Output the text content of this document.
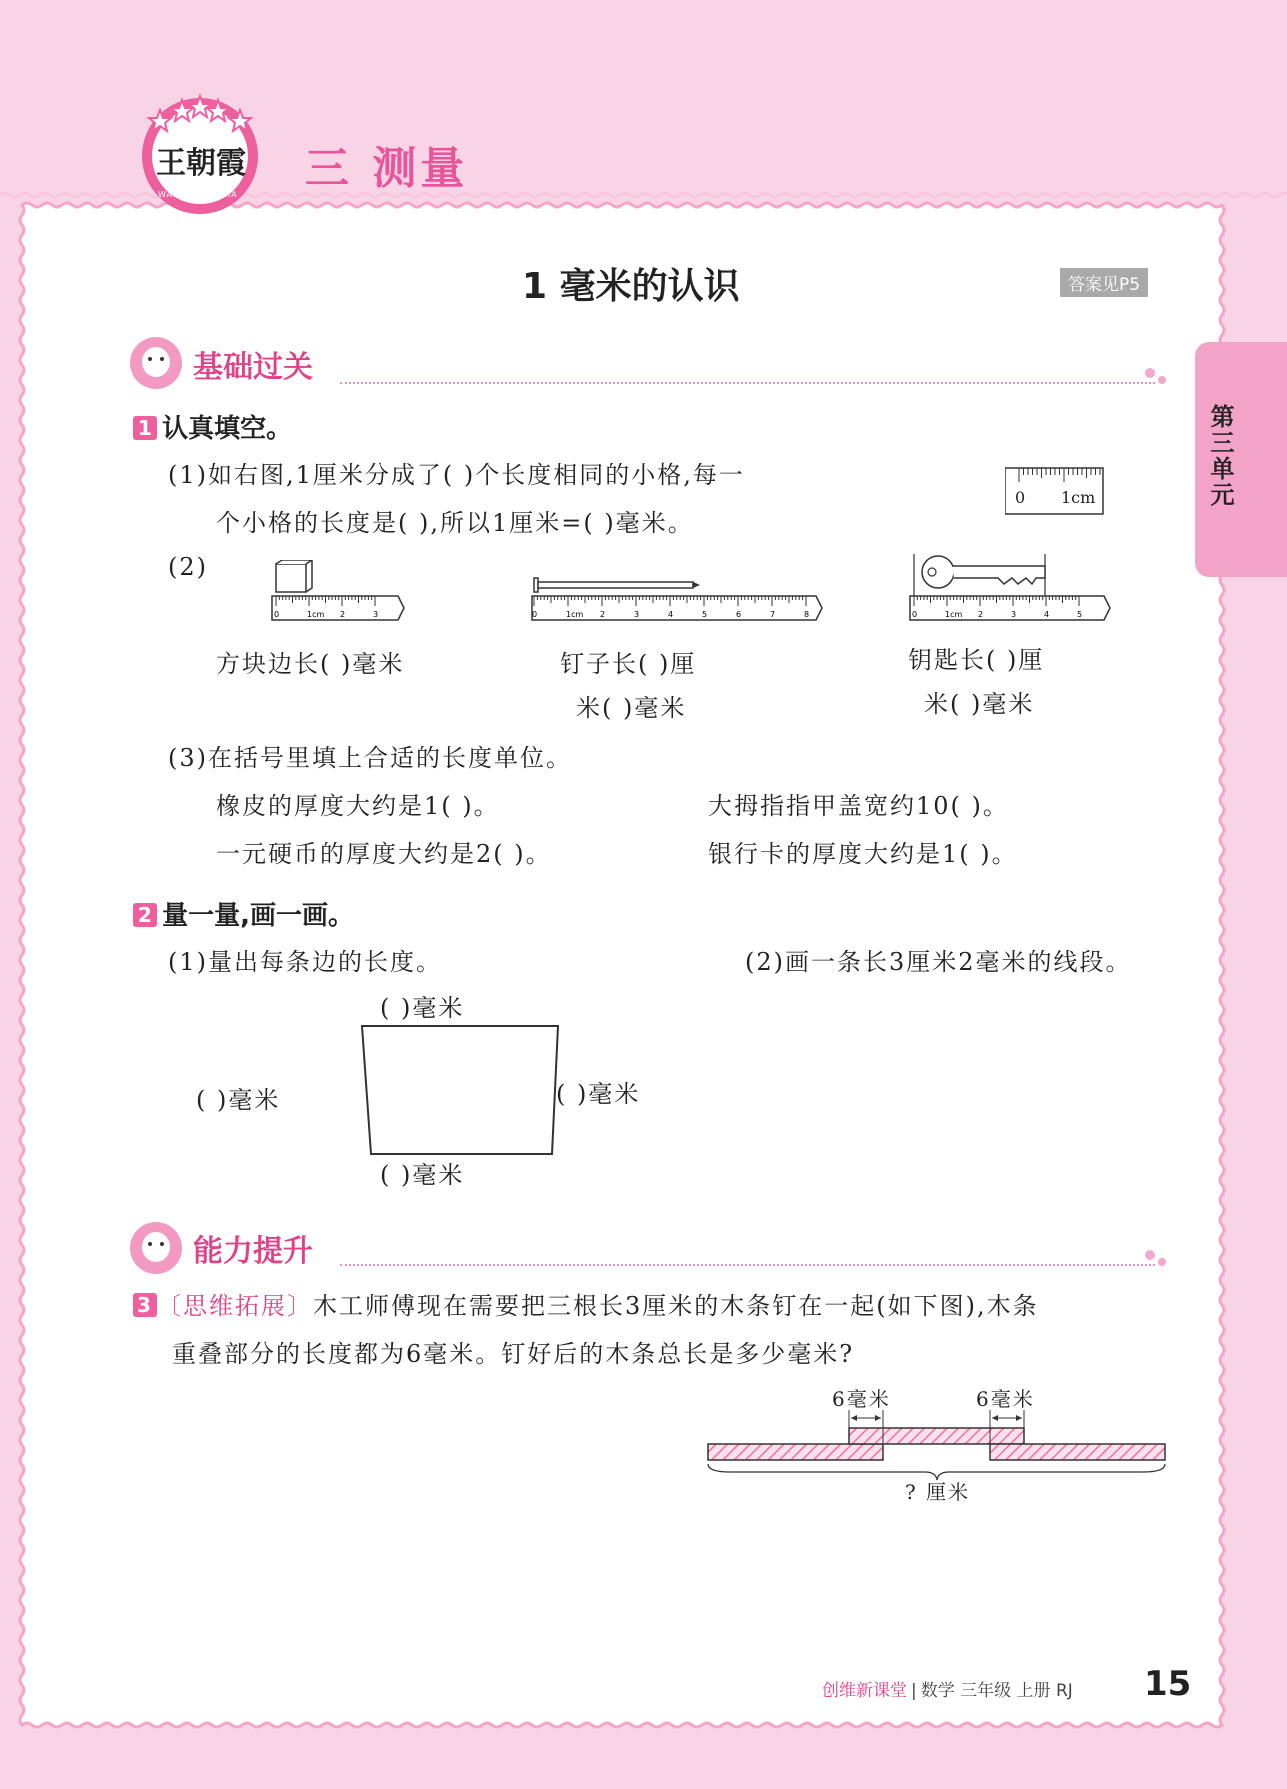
王朝霞
WANG ZHAO XIA
三 测量
1 毫米的认识	答案见P5
第三单元
基础过关
1 认真填空。
(1)如右图,1厘米分成了( )个长度相同的小格,每一
个小格的长度是( ),所以1厘米=( )毫米。
0 1cm
(2)
0	1cm 2	3	0	1cm 2	3	4	5	6	7	8	0	1cm 2	3	4	5
方块边长( )毫米	钉子长( )厘
米( )毫米
钥匙长( )厘
米( )毫米
(3)在括号里填上合适的长度单位。
橡皮的厚度大约是1( )。	大拇指指甲盖宽约10( )。
一元硬币的厚度大约是2( )。	银行卡的厚度大约是1( )。
2 量一量,画一画。
(1)量出每条边的长度。	(2)画一条长3厘米2毫米的线段。
( )毫米
( )毫米	( )毫米
( )毫米
能力提升
3 〔思维拓展〕木工师傅现在需要把三根长3厘米的木条钉在一起(如下图),木条
重叠部分的长度都为6毫米。钉好后的木条总长是多少毫米?
6毫米	6毫米
? 厘米
创维新课堂 | 数学 三年级 上册 RJ 15
